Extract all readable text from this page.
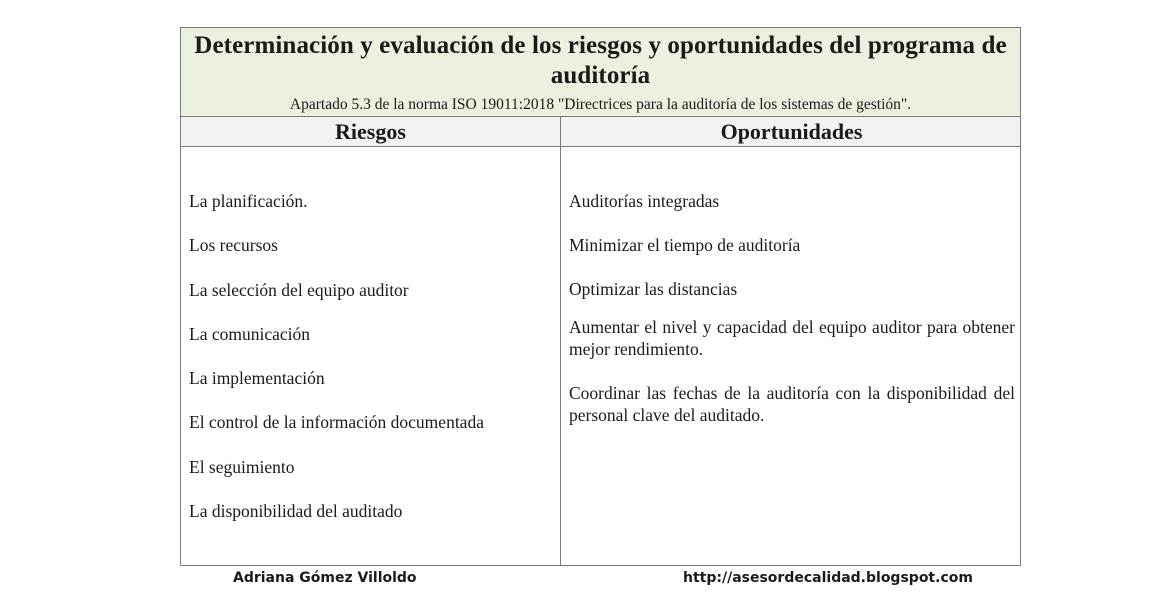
Determinación y evaluación de los riesgos y oportunidades del programa de auditoría
Apartado 5.3 de la norma ISO 19011:2018 "Directrices para la auditoría de los sistemas de gestión".
Riesgos	Oportunidades
La planificación.
Los recursos
La selección del equipo auditor
La comunicación
La implementación
El control de la información documentada
El seguimiento
La disponibilidad del auditado
Auditorías integradas
Minimizar el tiempo de auditoría
Optimizar las distancias
Aumentar el nivel y capacidad del equipo auditor para obtener mejor rendimiento.
Coordinar las fechas de la auditoría con la disponibilidad del personal clave del auditado.
Adriana Gómez Villoldo	http://asesordecalidad.blogspot.com
